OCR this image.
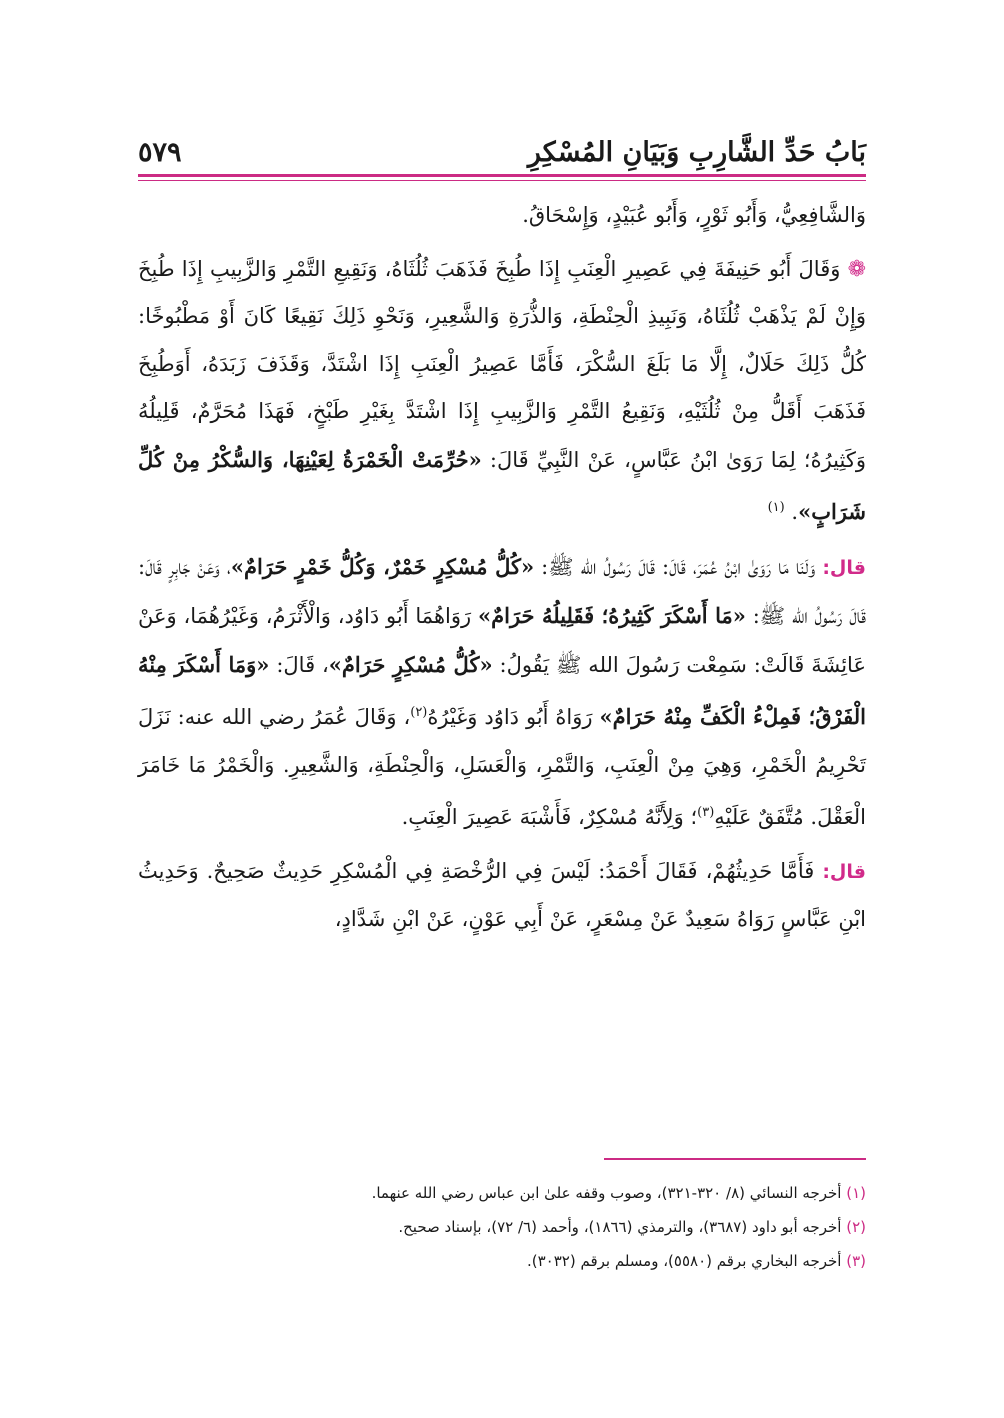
٥٧٩	بَابُ حَدِّ الشَّارِبِ وَبَيَانِ المُسْكِرِ

وَالشَّافِعِيُّ، وَأَبُو ثَوْرٍ، وَأَبُو عُبَيْدٍ، وَإِسْحَاقُ.

❁ وَقَالَ أَبُو حَنِيفَةَ فِي عَصِيرِ الْعِنَبِ إِذَا طُبِخَ فَذَهَبَ ثُلُثَاهُ، وَنَقِيعِ التَّمْرِ وَالزَّبِيبِ إِذَا طُبِخَ وَإِنْ لَمْ يَذْهَبْ ثُلُثَاهُ، وَنَبِيذِ الْحِنْطَةِ، وَالذُّرَةِ وَالشَّعِيرِ، وَنَحْوِ ذَلِكَ نَقِيعًا كَانَ أَوْ مَطْبُوخًا: كُلُّ ذَلِكَ حَلَالٌ، إِلَّا مَا بَلَغَ السُّكْرَ، فَأَمَّا عَصِيرُ الْعِنَبِ إِذَا اشْتَدَّ، وَقَذَفَ زَبَدَهُ، أَوَطُبِخَ فَذَهَبَ أَقَلُّ مِنْ ثُلُثَيْهِ، وَنَقِيعُ التَّمْرِ وَالزَّبِيبِ إِذَا اشْتَدَّ بِغَيْرِ طَبْخٍ، فَهَذَا مُحَرَّمٌ، قَلِيلُهُ وَكَثِيرُهُ؛ لِمَا رَوَىٰ ابْنُ عَبَّاسٍ، عَنْ النَّبِيِّ قَالَ: «حُرِّمَتْ الْخَمْرَةُ لِعَيْنِهَا، وَالسُّكْرُ مِنْ كُلِّ شَرَابٍ». $^{(١)}$

قال: وَلَنَا مَا رَوَىٰ ابْنُ عُمَرَ، قَالَ: قَالَ رَسُولُ الله ﷺ: «كُلُّ مُسْكِرٍ خَمْرٌ، وَكُلُّ خَمْرٍ حَرَامٌ»، وَعَنْ جَابِرٍ قَالَ: قَالَ رَسُولُ الله ﷺ: «مَا أَسْكَرَ كَثِيرُهُ؛ فَقَلِيلُهُ حَرَامٌ» رَوَاهُمَا أَبُو دَاوُد، وَالْأَثْرَمُ، وَغَيْرُهُمَا، وَعَنْ عَائِشَةَ قَالَتْ: سَمِعْت رَسُولَ الله ﷺ يَقُولُ: «كُلُّ مُسْكِرٍ حَرَامٌ»، قَالَ: «وَمَا أَسْكَرَ مِنْهُ الْفَرْقُ؛ فَمِلْءُ الْكَفِّ مِنْهُ حَرَامٌ» رَوَاهُ أَبُو دَاوُد وَغَيْرُهُ$^{(٢)}$، وَقَالَ عُمَرُ رضي الله عنه: نَزَلَ تَحْرِيمُ الْخَمْرِ، وَهِيَ مِنْ الْعِنَبِ، وَالتَّمْرِ، وَالْعَسَلِ، وَالْحِنْطَةِ، وَالشَّعِيرِ. وَالْخَمْرُ مَا خَامَرَ الْعَقْلَ. مُتَّفَقٌ عَلَيْهِ$^{(٣)}$؛ وَلِأَنَّهُ مُسْكِرٌ، فَأَشْبَهَ عَصِيرَ الْعِنَبِ.

قال: فَأَمَّا حَدِيثُهُمْ، فَقَالَ أَحْمَدُ: لَيْسَ فِي الرُّخْصَةِ فِي الْمُسْكِرِ حَدِيثٌ صَحِيحٌ. وَحَدِيثُ ابْنِ عَبَّاسٍ رَوَاهُ سَعِيدٌ عَنْ مِسْعَرٍ، عَنْ أَبِي عَوْنٍ، عَنْ ابْنِ شَدَّادٍ،

(١) أخرجه النسائي (٨/ ٣٢٠-٣٢١)، وصوب وقفه علىٰ ابن عباس رضي الله عنهما.

(٢) أخرجه أبو داود (٣٦٨٧)، والترمذي (١٨٦٦)، وأحمد (٦/ ٧٢)، بإسناد صحيح.

(٣) أخرجه البخاري برقم (٥٥٨٠)، ومسلم برقم (٣٠٣٢).
